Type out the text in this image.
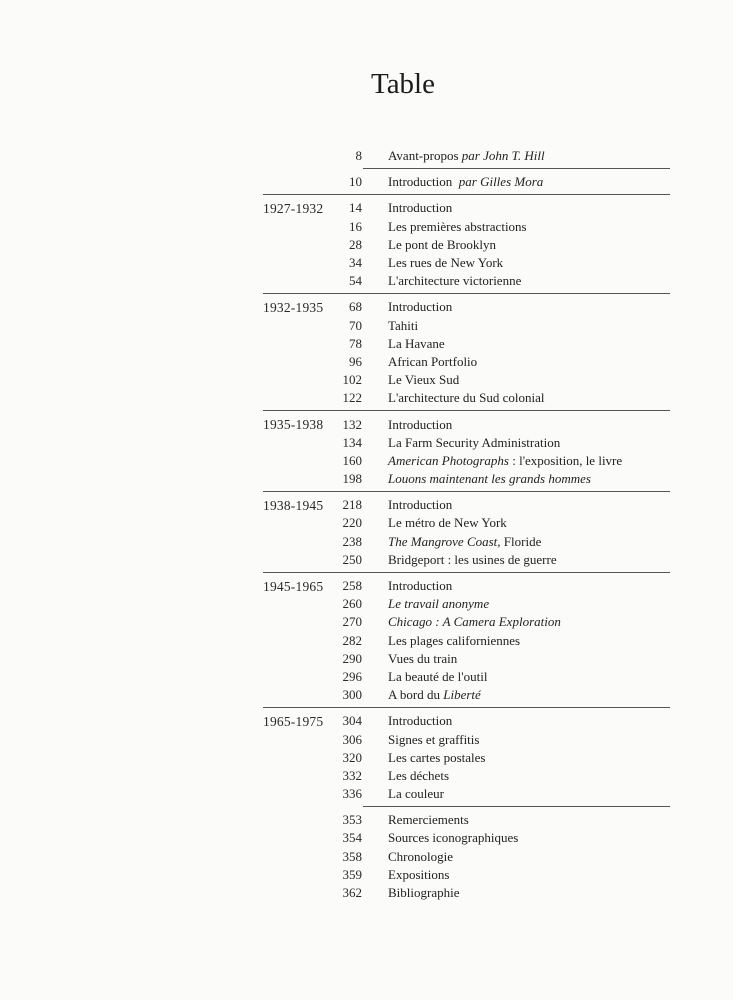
Table
8	Avant-propos par John T. Hill
10	Introduction  par Gilles Mora
1927-1932	14	Introduction
16	Les premières abstractions
28	Le pont de Brooklyn
34	Les rues de New York
54	L'architecture victorienne
1932-1935	68	Introduction
70	Tahiti
78	La Havane
96	African Portfolio
102	Le Vieux Sud
122	L'architecture du Sud colonial
1935-1938	132	Introduction
134	La Farm Security Administration
160	American Photographs : l'exposition, le livre
198	Louons maintenant les grands hommes
1938-1945	218	Introduction
220	Le métro de New York
238	The Mangrove Coast, Floride
250	Bridgeport : les usines de guerre
1945-1965	258	Introduction
260	Le travail anonyme
270	Chicago : A Camera Exploration
282	Les plages californiennes
290	Vues du train
296	La beauté de l'outil
300	A bord du Liberté
1965-1975	304	Introduction
306	Signes et graffitis
320	Les cartes postales
332	Les déchets
336	La couleur
353	Remerciements
354	Sources iconographiques
358	Chronologie
359	Expositions
362	Bibliographie
